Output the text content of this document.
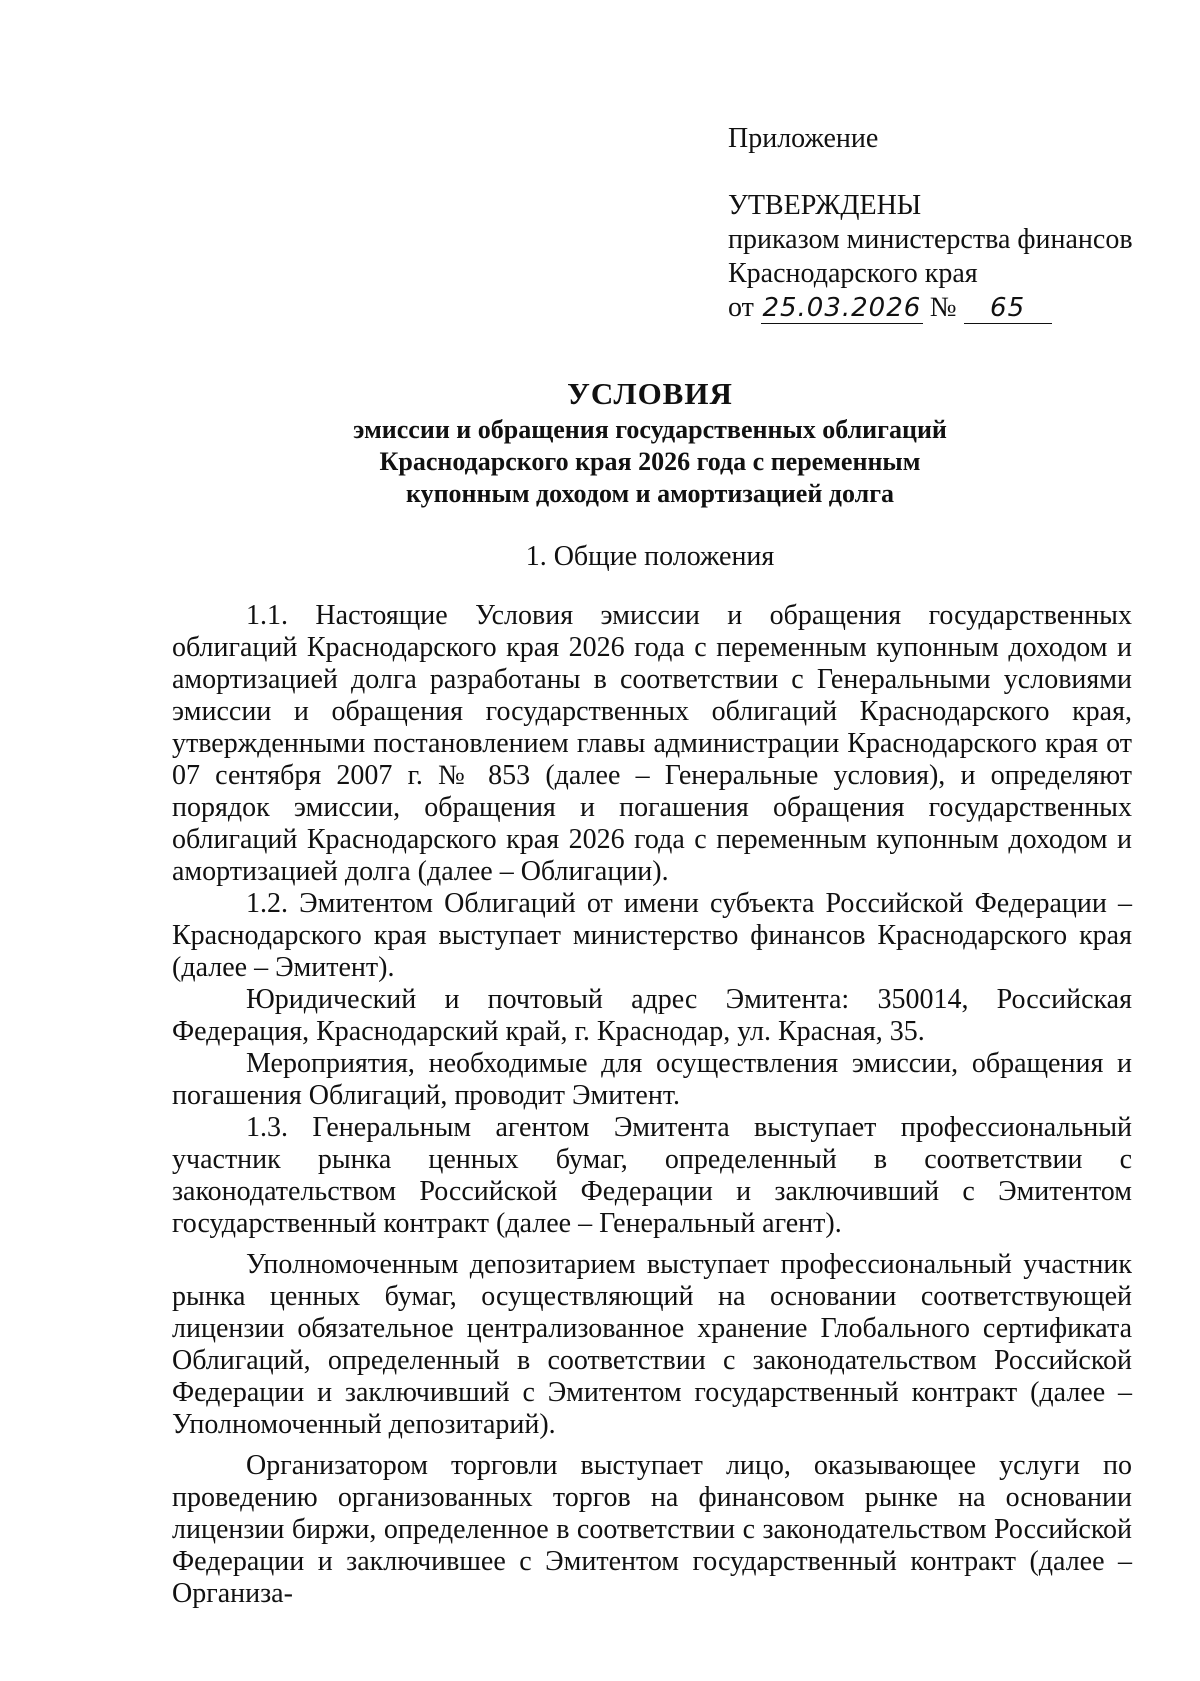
Приложение

УТВЕРЖДЕНЫ

приказом министерства финансов

Краснодарского края

от 25.03.2026 № 65

УСЛОВИЯ

эмиссии и обращения государственных облигаций

Краснодарского края 2026 года с переменным

купонным доходом и амортизацией долга

1. Общие положения

1.1. Настоящие Условия эмиссии и обращения государственных облигаций Краснодарского края 2026 года с переменным купонным доходом и амортизацией долга разработаны в соответствии с Генеральными условиями эмиссии и обращения государственных облигаций Краснодарского края, утвержденными постановлением главы администрации Краснодарского края от 07 сентября 2007 г. № 853 (далее – Генеральные условия), и определяют порядок эмиссии, обращения и погашения обращения государственных облигаций Краснодарского края 2026 года с переменным купонным доходом и амортизацией долга (далее – Облигации).

1.2. Эмитентом Облигаций от имени субъекта Российской Федерации – Краснодарского края выступает министерство финансов Краснодарского края (далее – Эмитент).

Юридический и почтовый адрес Эмитента: 350014, Российская Федерация, Краснодарский край, г. Краснодар, ул. Красная, 35.

Мероприятия, необходимые для осуществления эмиссии, обращения и погашения Облигаций, проводит Эмитент.

1.3. Генеральным агентом Эмитента выступает профессиональный участник рынка ценных бумаг, определенный в соответствии с законодательством Российской Федерации и заключивший с Эмитентом государственный контракт (далее – Генеральный агент).

Уполномоченным депозитарием выступает профессиональный участник рынка ценных бумаг, осуществляющий на основании соответствующей лицензии обязательное централизованное хранение Глобального сертификата Облигаций, определенный в соответствии с законодательством Российской Федерации и заключивший с Эмитентом государственный контракт (далее – Уполномоченный депозитарий).

Организатором торговли выступает лицо, оказывающее услуги по проведению организованных торгов на финансовом рынке на основании лицензии биржи, определенное в соответствии с законодательством Российской Федерации и заключившее с Эмитентом государственный контракт (далее – Организа-
